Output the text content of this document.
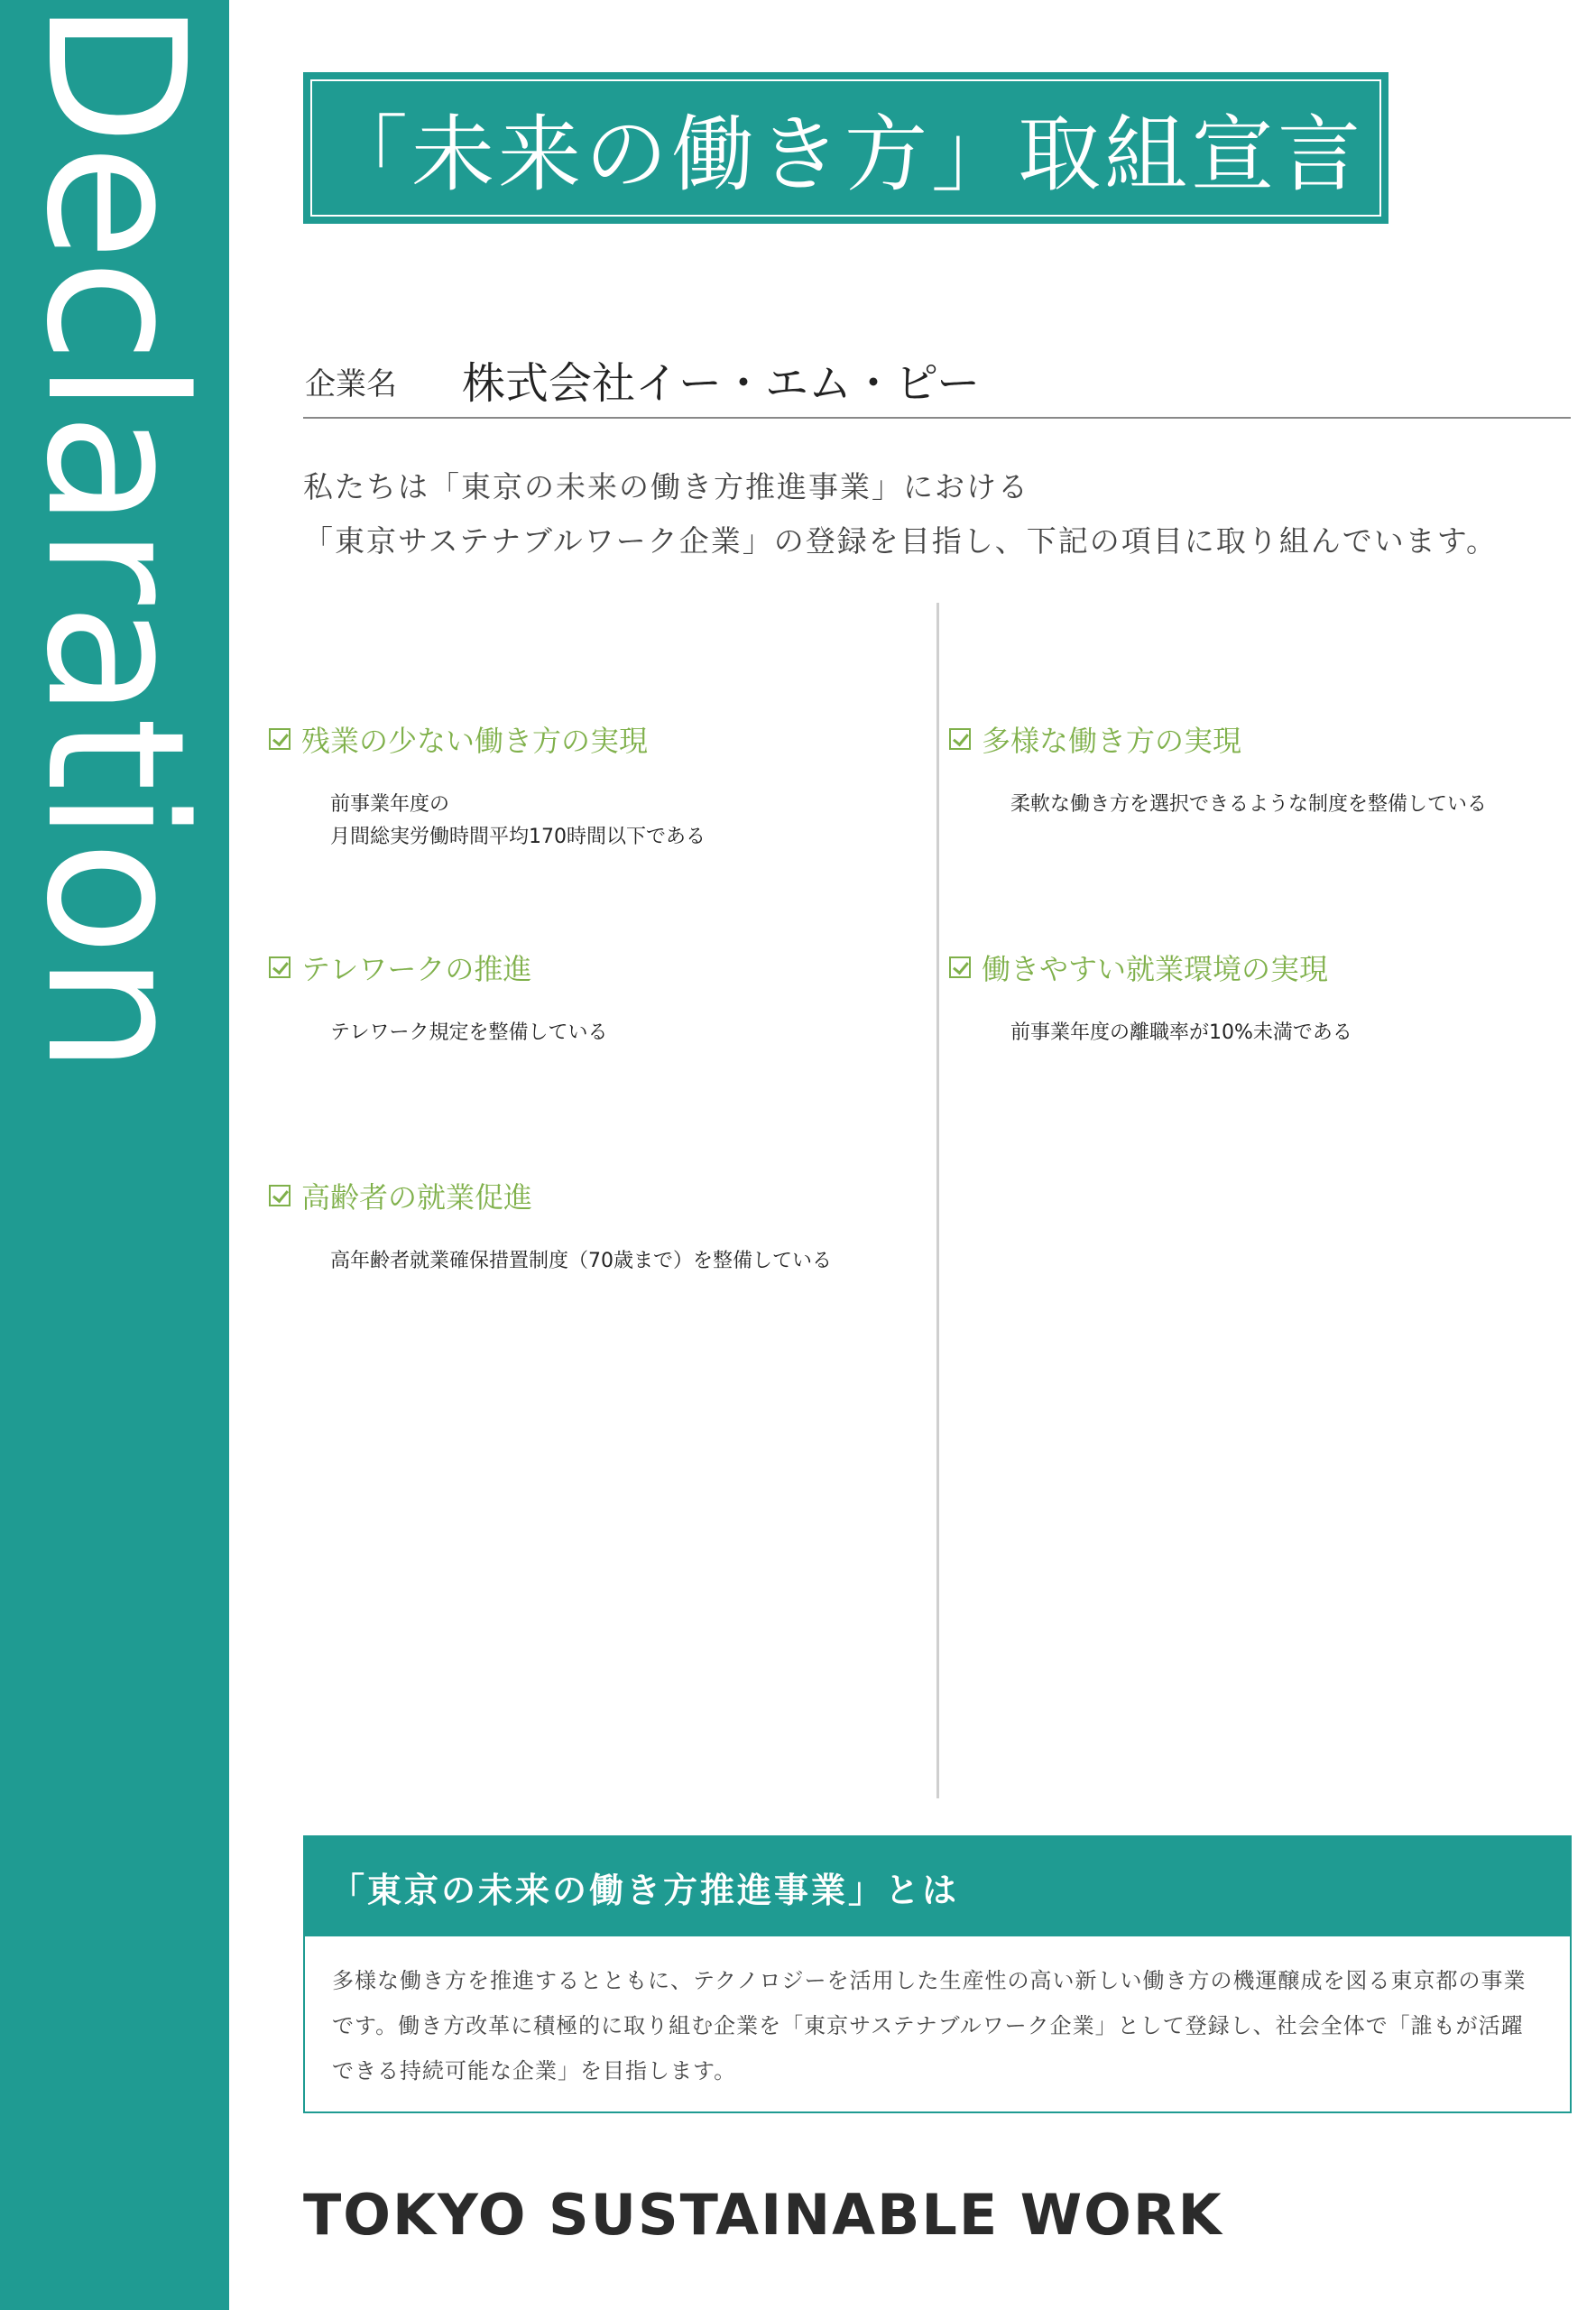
Declaration 「未来の働き方」取組宣言
企業名 株式会社イー・エム・ピー
私たちは「東京の未来の働き方推進事業」における
「東京サステナブルワーク企業」の登録を目指し、下記の項目に取り組んでいます。
残業の少ない働き方の実現
前事業年度の
月間総実労働時間平均170時間以下である
テレワークの推進
テレワーク規定を整備している
高齢者の就業促進
高年齢者就業確保措置制度（70歳まで）を整備している
多様な働き方の実現
柔軟な働き方を選択できるような制度を整備している
働きやすい就業環境の実現
前事業年度の離職率が10%未満である
「東京の未来の働き方推進事業」とは
多様な働き方を推進するとともに、テクノロジーを活用した生産性の高い新しい働き方の機運醸成を図る東京都の事業
です。働き方改革に積極的に取り組む企業を「東京サステナブルワーク企業」として登録し、社会全体で「誰もが活躍
できる持続可能な企業」を目指します。
TOKYO SUSTAINABLE WORK
